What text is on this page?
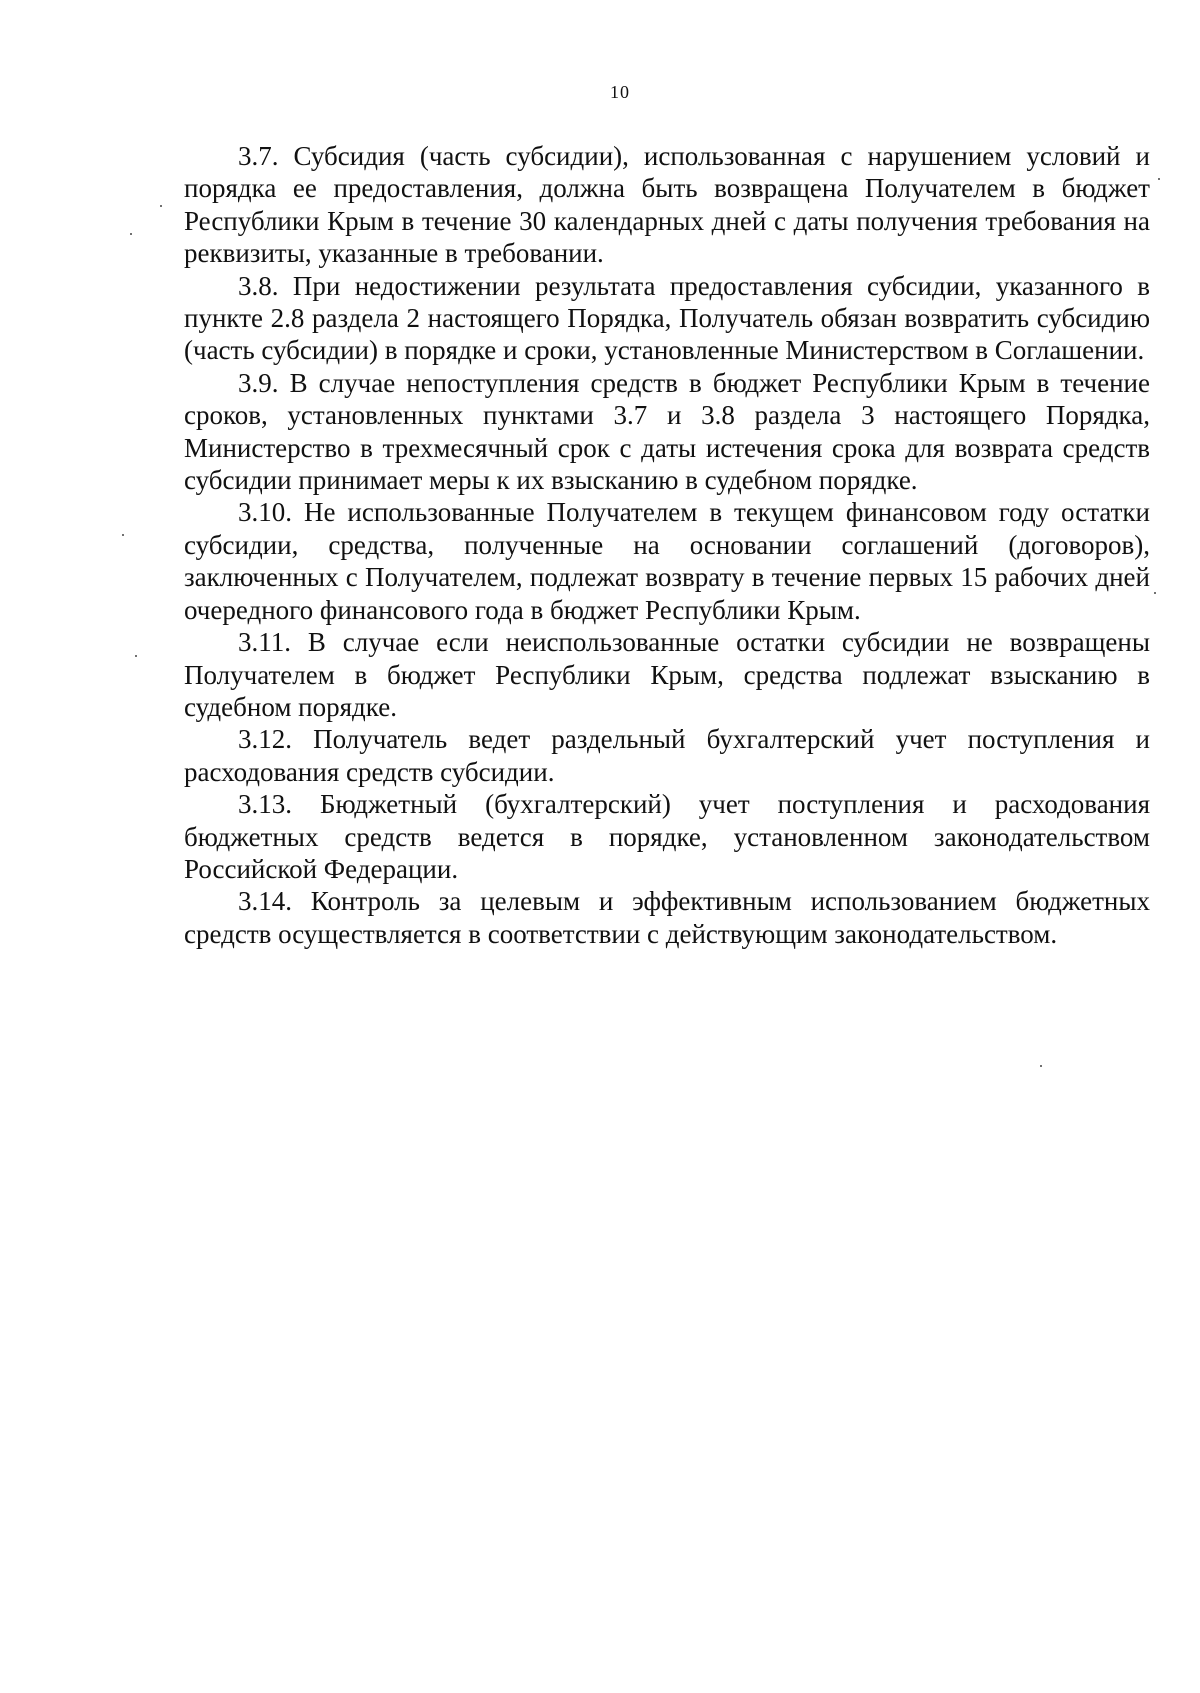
10

3.7. Субсидия (часть субсидии), использованная с нарушением условий и порядка ее предоставления, должна быть возвращена Получателем в бюджет Республики Крым в течение 30 календарных дней с даты получения требования на реквизиты, указанные в требовании.

3.8. При недостижении результата предоставления субсидии, указанного в пункте 2.8 раздела 2 настоящего Порядка, Получатель обязан возвратить субсидию (часть субсидии) в порядке и сроки, установленные Министерством в Соглашении.

3.9. В случае непоступления средств в бюджет Республики Крым в течение сроков, установленных пунктами 3.7 и 3.8 раздела 3 настоящего Порядка, Министерство в трехмесячный срок с даты истечения срока для возврата средств субсидии принимает меры к их взысканию в судебном порядке.

3.10. Не использованные Получателем в текущем финансовом году остатки субсидии, средства, полученные на основании соглашений (договоров), заключенных с Получателем, подлежат возврату в течение первых 15 рабочих дней очередного финансового года в бюджет Республики Крым.

3.11. В случае если неиспользованные остатки субсидии не возвращены Получателем в бюджет Республики Крым, средства подлежат взысканию в судебном порядке.

3.12. Получатель ведет раздельный бухгалтерский учет поступления и расходования средств субсидии.

3.13. Бюджетный (бухгалтерский) учет поступления и расходования бюджетных средств ведется в порядке, установленном законодательством Российской Федерации.

3.14. Контроль за целевым и эффективным использованием бюджетных средств осуществляется в соответствии с действующим законодательством.
